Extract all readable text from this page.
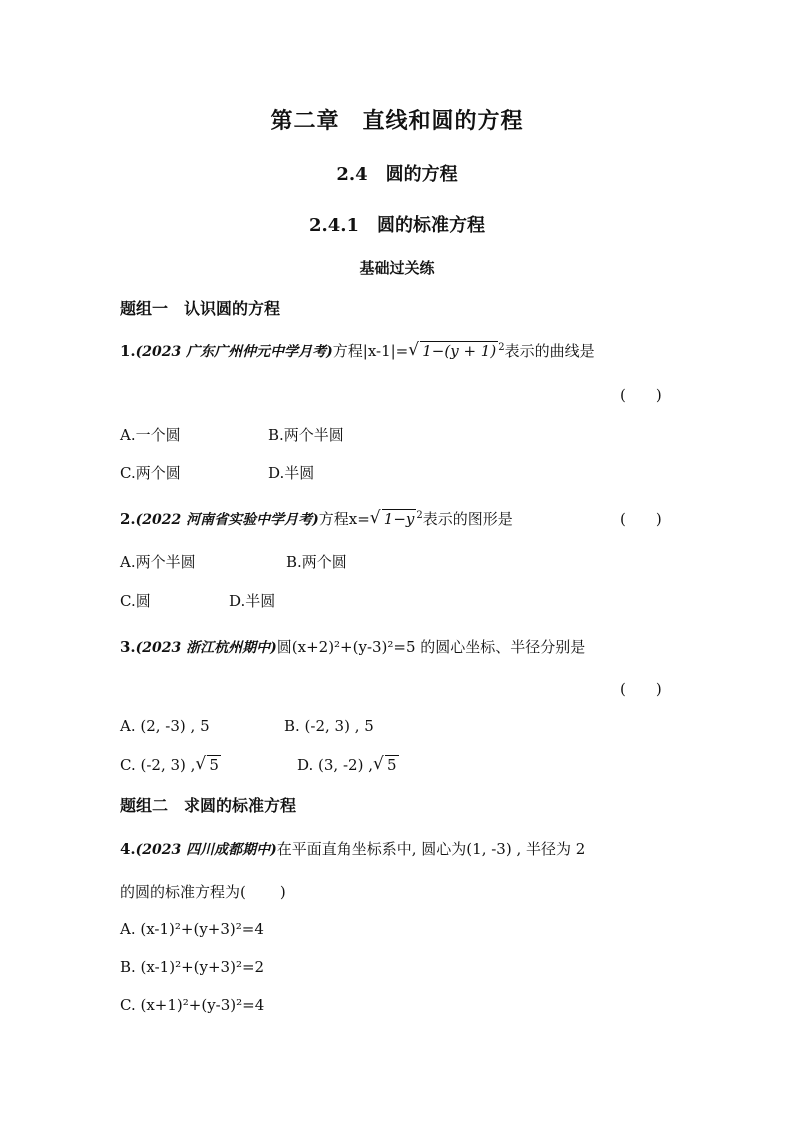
第二章　直线和圆的方程
2.4　圆的方程
2.4.1　圆的标准方程
基础过关练
题组一　认识圆的方程
1.(2023 广东广州仲元中学月考)方程|x-1|= √ 1−(y + 1) $^2$表示的曲线是
(　　)
A.一个圆	B.两个半圆
C.两个圆	D.半圆
2.(2022 河南省实验中学月考)方程x= √ 1−y $^2$表示的图形是	(　　)
A.两个半圆	B.两个圆
C.圆	D.半圆
3.(2023 浙江杭州期中)圆(x+2)²+(y-3)²=5 的圆心坐标、半径分别是
(　　)
A. (2, -3) , 5	B. (-2, 3) , 5
C. (-2, 3) , √ 5	D. (3, -2) , √ 5
题组二　求圆的标准方程
4.(2023 四川成都期中)在平面直角坐标系中, 圆心为(1, -3) , 半径为 2
的圆的标准方程为( )
A. (x-1)²+(y+3)²=4
B. (x-1)²+(y+3)²=2
C. (x+1)²+(y-3)²=4
